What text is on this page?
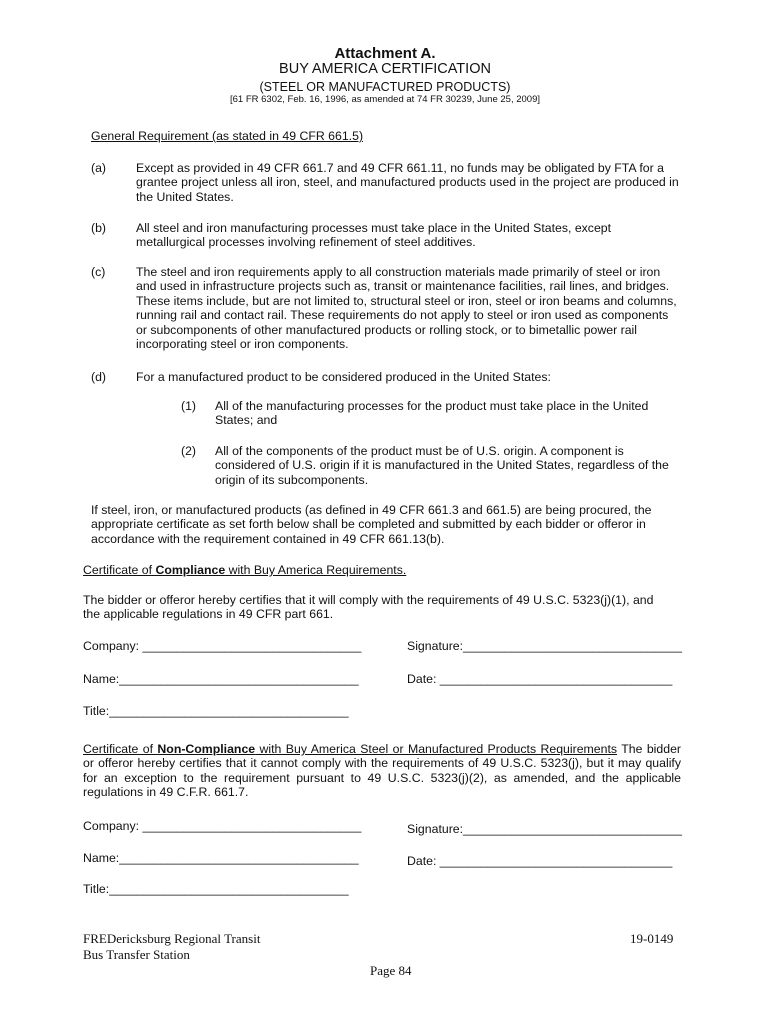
Attachment A.
BUY AMERICA CERTIFICATION
(STEEL OR MANUFACTURED PRODUCTS)
[61 FR 6302, Feb. 16, 1996, as amended at 74 FR 30239, June 25, 2009]
General Requirement (as stated in 49 CFR 661.5)
(a) Except as provided in 49 CFR 661.7 and 49 CFR 661.11, no funds may be obligated by FTA for a grantee project unless all iron, steel, and manufactured products used in the project are produced in the United States.
(b) All steel and iron manufacturing processes must take place in the United States, except metallurgical processes involving refinement of steel additives.
(c) The steel and iron requirements apply to all construction materials made primarily of steel or iron and used in infrastructure projects such as, transit or maintenance facilities, rail lines, and bridges. These items include, but are not limited to, structural steel or iron, steel or iron beams and columns, running rail and contact rail. These requirements do not apply to steel or iron used as components or subcomponents of other manufactured products or rolling stock, or to bimetallic power rail incorporating steel or iron components.
(d) For a manufactured product to be considered produced in the United States:
(1) All of the manufacturing processes for the product must take place in the United States; and
(2) All of the components of the product must be of U.S. origin. A component is considered of U.S. origin if it is manufactured in the United States, regardless of the origin of its subcomponents.
If steel, iron, or manufactured products (as defined in 49 CFR 661.3 and 661.5) are being procured, the appropriate certificate as set forth below shall be completed and submitted by each bidder or offeror in accordance with the requirement contained in 49 CFR 661.13(b).
Certificate of Compliance with Buy America Requirements.
The bidder or offeror hereby certifies that it will comply with the requirements of 49 U.S.C. 5323(j)(1), and the applicable regulations in 49 CFR part 661.
Company: ________________________________	Signature:________________________________
Name:___________________________________	Date: __________________________________
Title:___________________________________
Certificate of Non-Compliance with Buy America Steel or Manufactured Products Requirements The bidder or offeror hereby certifies that it cannot comply with the requirements of 49 U.S.C. 5323(j), but it may qualify for an exception to the requirement pursuant to 49 U.S.C. 5323(j)(2), as amended, and the applicable regulations in 49 C.F.R. 661.7.
Company: ________________________________	Signature:________________________________
Name:___________________________________	Date: __________________________________
Title:___________________________________
FREDericksburg Regional Transit
Bus Transfer Station
19-0149
Page 84
